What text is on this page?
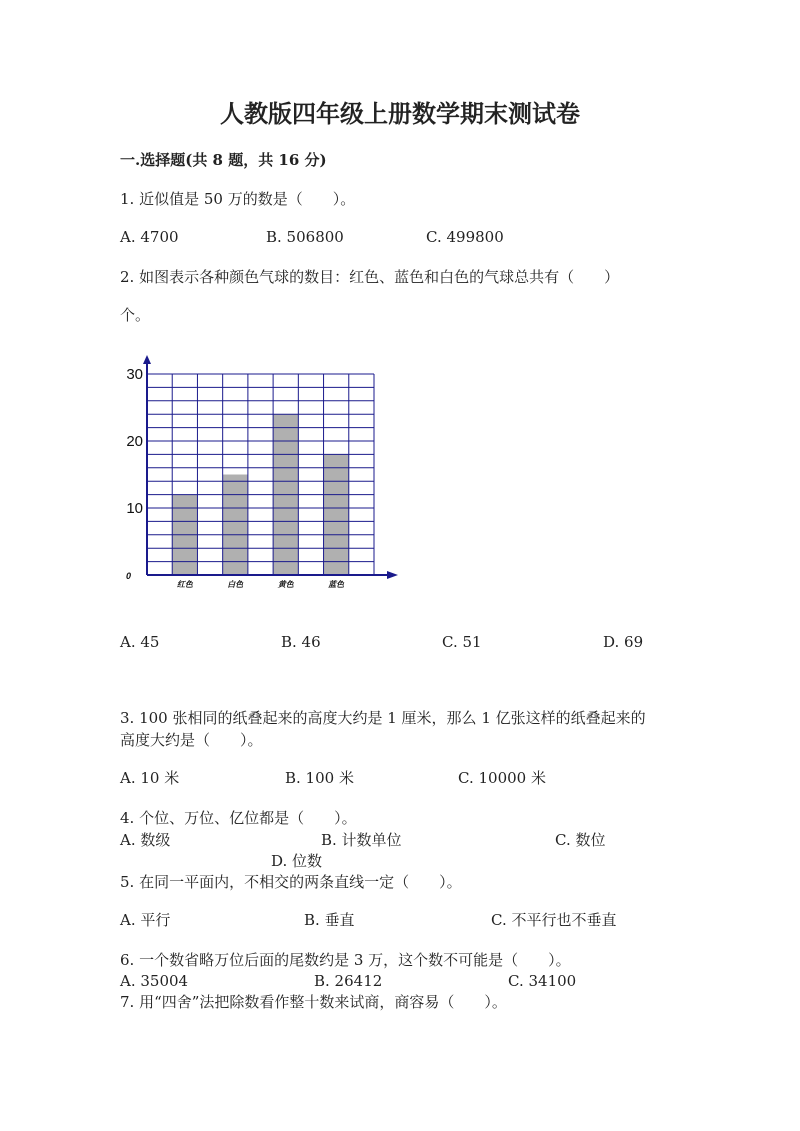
人教版四年级上册数学期末测试卷
一.选择题(共 8 题，共 16 分)
1. 近似值是 50 万的数是（　　）。
A. 4700	B. 506800	C. 499800
2. 如图表示各种颜色气球的数目：红色、蓝色和白色的气球总共有（　　）
个。
0
10
20
30
红色	白色	黄色	蓝色
A. 45	B. 46	C. 51	D. 69
3. 100 张相同的纸叠起来的高度大约是 1 厘米，那么 1 亿张这样的纸叠起来的
高度大约是（　　）。
A. 10 米	B. 100 米	C. 10000 米
4. 个位、万位、亿位都是（　　）。
A. 数级	B. 计数单位	C. 数位
D. 位数
5. 在同一平面内，不相交的两条直线一定（　　）。
A. 平行	B. 垂直	C. 不平行也不垂直
6. 一个数省略万位后面的尾数约是 3 万，这个数不可能是（　　）。
A. 35004	B. 26412	C. 34100
7. 用“四舍”法把除数看作整十数来试商，商容易（　　）。
